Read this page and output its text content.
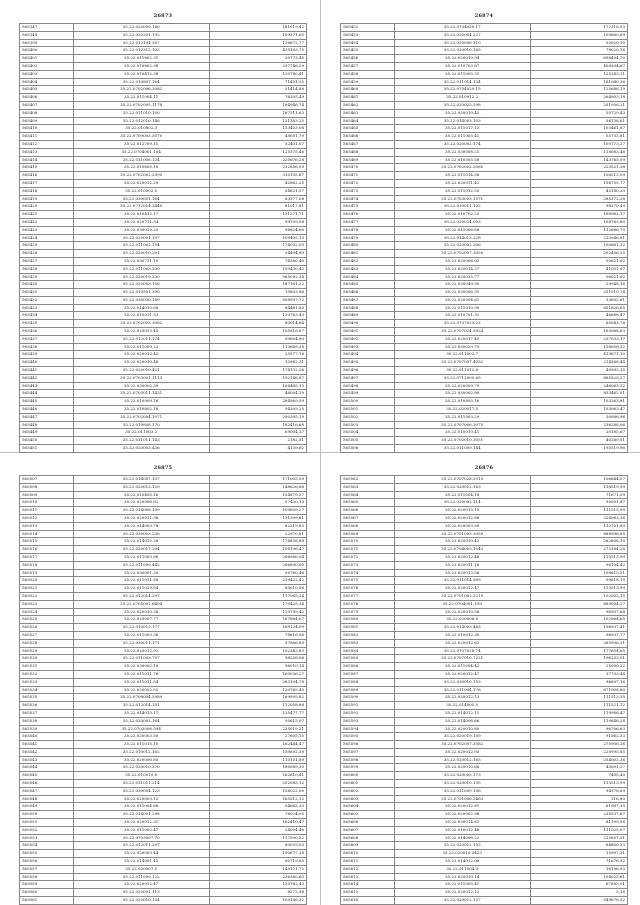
26873
565347	35.22.020009.180	181019,42
565348	35.22.020201.192	109271,65
565399	35.22.012104.307	126672,77
565400	35.22.012312.103	435183,75
565401	35.22.011802.31	20773,45
565402	35.22.010802.98	297746,29
565403	35.22.010412.38	120780,41
565404	35.22.010807.164	71451,55
565405	35.22.0702006.3082	51414,88
565406	35.22.011904.11	76205,49
565407	35.22.0702005.1178	164946,74
565408	35.22.011010.100	167311,63
565409	35.22.012016.146	131383,25
565410	35.22.010802.3	153403,08
565411	35.22.0709003.3070	49051,79
565412	35.22.012709.11	52401,07
565413	35.22.0704001.104	125575,46
565414	35.22.011006.124	220676,28
565415	35.22.010605.10	232856,59
565416	35.22.0702002.2095	310105,67
565417	35.22.020012.29	42862,25
565418	35.22.010002.5	54621,57
565419	35.22.030001.164	63377,08
565420	35.22.0712014.3440	81017,81
565421	35.22.010412.17	151271,71
565422	35.22.020711.54	99709,08
565423	35.22.030029.25	98824,66
565424	35.22.020001.107	109405,13
565425	35.22.011002.154	174032,09
565426	35.22.020010.291	34494,89
565427	35.22.030711.10	74380,40
565428	35.22.011003.200	193430,42
565429	35.22.020019.330	965092,34
565430	35.22.020003.156	187161,22
565431	35.22.010501.390	19803,86
565432	35.22.030030.189	508997,72
565433	35.22.014010.68	84481,80
565434	35.22.010011.53	120763,43
565435	35.22.0702003.3062	80014,84
565436	35.22.020013.45	105516,07
565437	35.22.012011.174	99604,80
565438	35.22.011009.22	113649,38
565439	35.22.020012.43	25577,16
565440	35.22.020010.48	10982,31
565441	35.22.020010.421	174132,26
565442	35.22.0703001.1113	192146,87
565443	35.22.030002.39	106485,13
565444	35.22.0703011.1431	46004,19
565445	35.22.010909.16	264969,59
565446	35.22.010802.18	94309,25
565447	35.22.0702004.1071	290395,19
565448	35.22.010808.170	182416,68
565449	35.22.011003.2	69004,37
565450	35.22.011011.143	2182,51
565451	35.22.020003.436	4139,62
26874
565452	35.22.0704020.17	172316,53
565453	35.22.020004.227	100860,69
565454	35.22.020008.110	55020,10
565455	35.22.020010.165	78020,76
565456	35.22.020010.94	698404,70
565457	35.22.010703.87	400504,67
565458	35.22.011005.31	125243,11
565459	35.22.011014.134	161040,36
565460	35.22.0704029.15	125686,19
565461	35.22.010912.2	264903,18
565462	35.22.020025.298	251956,21
565463	35.22.020010.45	50729,43
565464	35.22.014003.103	56738,61
565465	35.22.011017.13	103461,87
565466	35.22.011005.41	55733,81
565467	35.22.020002.174	109773,27
565468	35.22.030008.21	118083,48
565469	35.22.010505.58	143765,09
565470	35.22.0702002.3065	223521,38
565471	35.22.011014.58	106213,09
565472	35.22.020011.42	156755,77
565473	35.22.011012.50	43180,23
565474	35.22.0703003.1071	285372,28
565475	35.22.030011.102	98270,49
565476	35.22.010702.25	168962,17
565477	35.22.020024.093	108763,80
565478	35.22.012006.68	112666,70
565479	35.22.014013.228	213946,81
565480	35.22.020002.306	100661,12
565481	35.22.0702007.3055	202456,35
565482	35.22.020006.92	50621,02
565483	35.22.020014.37	41051,07
565484	35.22.020025.77	56021,02
565485	35.22.030049.90	29948,16
565486	35.22.030006.91	251010,74
565487	35.22.020004.61	33602,61
565488	35.22.011010.90	851826,65
565489	35.22.010701.32	46688,47
565490	35.22.0707023.22	65043,78
565491	35.22.0707024.5024	163968,63
565492	35.22.020017.45	237033,17
565493	35.22.030029.75	158058,32
565494	35.22.011003.7	413671,10
565495	35.22.0707057.4052	214568,44
565496	35.22.011012.6	40992,35
565497	35.22.0712005.65	865525,27
565498	35.22.020009.79	246063,32
565499	35.22.030002.80	853462,01
565500	35.22.010805.16	103263,81
565501	35.22.020017.5	153063,47
565502	35.22.011003.29	30086,96
565503	35.22.0707006.3075	236288,06
565504	35.22.010010.41	20185,67
565505	35.22.0702010.3051	40289,01
565506	35.22.011009.144	195519,96
26875
565507	35.22.014007.107	171005,59
565508	35.22.020012.129	148626,68
565509	35.22.010405.16	154879,57
565510	35.22.020006.82	57430,10
565511	35.22.014008.109	109809,27
565512	35.22.020011.36	131399,61
565513	35.22.014003.78	82219,83
565514	35.22.030003.236	22970,81
565515	35.22.014015.26	174858,88
565516	35.22.020017.204	108196,47
565517	35.22.011003.86	286986,04
565518	35.22.011009.442	286690,00
565519	35.22.030001.20	56760,46
565520	35.22.011011.58	219422,42
565521	35.22.011029.54	80010,06
565522	35.22.012014.297	117065,24
565523	35.22.0705002.6404	170425,34
565524	35.22.020010.36	120799,42
565525	35.22.020007.77	167864,07
565526	35.22.010012.177	169124,09
565527	35.22.011003.36	78616,56
565528	35.22.030011.171	37886,80
565529	35.22.020012.92	102282,83
565530	35.22.011003.707	98256,06
565531	35.22.030002.19	96010,14
565532	35.22.011011.76	160036,27
565533	35.22.011011.54	283104,78
565534	35.22.020002.52	120765,43
565535	35.22.0708004.5989	169995,82
565536	35.22.012014.151	112058,88
565537	35.22.014015.17	135477,77
565538	35.22.020002.164	95615,07
565539	35.22.0703006.594	235019,21
565540	35.22.020003.50	27605,15
565541	35.22.011015.10	162444,47
565542	35.22.010012.162	159692,39
565543	35.22.020006.85	110151,89
565544	35.22.020010.370	180089,30
565545	35.22.010010.8	162610,41
565546	35.22.011011.214	252083,12
565547	35.22.030004.123	156022,00
565548	35.22.020003.12	165512,12
565549	35.22.011004.88	54643,33
565550	35.22.014001.298	78024,95
565551	35.22.020012.31	162410,47
565552	35.22.011002.47	24004,46
565553	35.22.0703007.70	117990,52
565554	35.22.012011.297	60039,03
565555	35.22.020003.44	190677,28
565556	35.22.014001.43	90719,65
565557	35.22.020007.5	149121,72
565558	35.22.011009.122	236360,63
565559	35.22.020012.47	120782,43
565560	35.22.020001.113	8272,98
565561	35.22.020010.134	109186,32
26876
565562	35.22.0707028.2919	106644,07
565563	35.22.020012.163	118519,99
565564	35.22.011004.18	71671,59
565565	35.22.020002.114	95001,87
565566	35.22.020015.15	111515,99
565567	35.22.020012.86	224963,38
565568	35.22.020003.90	112701,89
565569	35.22.0701003.3059	888996,65
565570	35.22.020010.42	262606,10
565571	35.22.0704005.1043	273164,28
565572	35.22.020012.46	115513,99
565573	35.22.020011.18	96104,42
565574	35.22.020013.56	108615,51
565575	35.22.011014.999	99618,10
565576	35.22.020012.47	115513,99
565577	35.22.0701002.5219	102002,15
565578	35.22.0704001.199	889004,27
565579	35.22.020010.56	96937,64
565580	35.22.020006.8	102964,65
565581	35.22.014003.465	196937,41
565582	35.22.010012.30	96937,77
565583	35.22.020012.62	265996,31
565584	35.22.0707028.74	177654,65
565585	35.22.0707010.7221	196233,01
565586	35.22.011004.42	25000,22
565587	35.22.020012.47	37733,44
565588	35.22.030010.155	96607,16
565589	35.22.011004.176	671008,80
565590	35.22.020012.13	111513,55
565591	35.22.014005.5	111521,12
565592	35.22.014012.11	119986,47
565593	35.22.014006.66	119846,28
565594	35.22.020010.80	96706,63
565595	35.22.020019.159	91562,53
565596	35.22.0702007.3582	275906,26
565597	35.22.020012.93	220995,85
565598	35.22.020012.165	254002,36
565599	35.22.020010.66	43001,27
565600	35.22.020005.173	7405,40
565601	35.22.020010.195	115513,99
565602	35.22.011009.106	94978,69
565603	35.22.0701006.3463	116,80
565604	35.22.020012.81	61987,35
565605	35.22.020002.96	235537,67
565606	35.22.030014.61	81199,58
565607	35.22.010012.48	111025,07
565608	35.22.014006.22	215857,51
565609	35.22.020012.193	84800,53
565610	35.22.020010.3423	15997,31
565611	35.22.014012.06	71676,92
565612	35.22.011004.5	16196,93
565613	35.22.020010.14	104025,61
565614	35.22.011005.41	67883,01
565615	35.22.020012.12	5,16
565616	35.22.020012.137	549678,52
